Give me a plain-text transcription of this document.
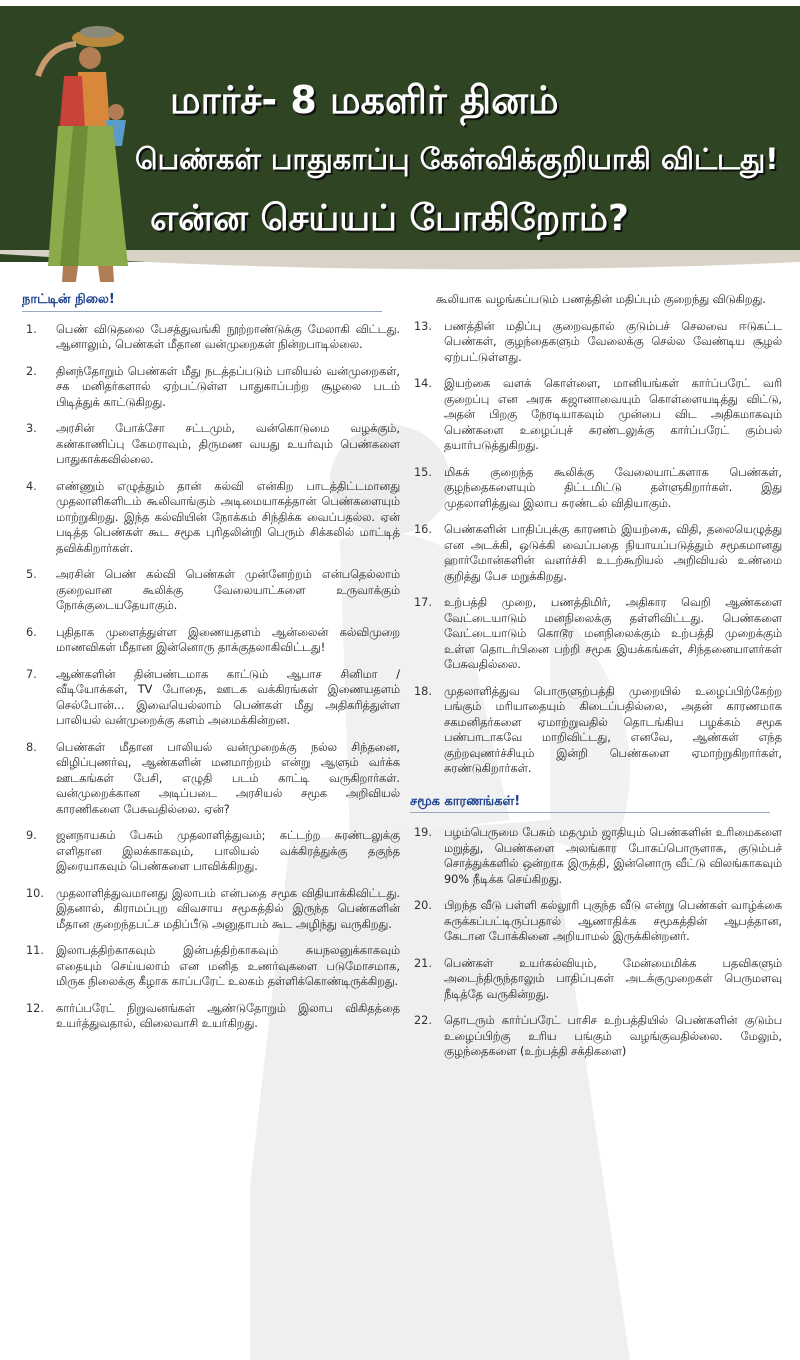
மார்ச்- 8 மகளிர் தினம்
பெண்கள் பாதுகாப்பு கேள்விக்குறியாகி விட்டது!
என்ன செய்யப் போகிறோம்?
நாட்டின் நிலை!
1.	பெண் விடுதலை பேசத்துவங்கி நூற்றாண்டுக்கு மேலாகி விட்டது. ஆனாலும், பெண்கள் மீதான வன்முறைகள் நின்றபாடில்லை.
2.	தினந்தோறும் பெண்கள் மீது நடத்தப்படும் பாலியல் வன்முறைகள், சக மனிதர்களால் ஏற்பட்டுள்ள பாதுகாப்பற்ற சூழலை படம் பிடித்துக் காட்டுகிறது.
3.	அரசின் போக்சோ சட்டமும், வன்கொடுமை வழக்கும், கண்காணிப்பு கேமராவும், திருமண வயது உயர்வும் பெண்களை பாதுகாக்கவில்லை.
4.	எண்ணும் எழுத்தும் தான் கல்வி என்கிற பாடத்திட்டமானது முதலாளிகளிடம் கூலிவாங்கும் அடிமையாகத்தான் பெண்களையும் மாற்றுகிறது. இந்த கல்வியின் நோக்கம் சிந்திக்க வைப்பதல்ல. ஏன் படித்த பெண்கள் கூட சமூக புரிதலின்றி பெரும் சிக்கலில் மாட்டித் தவிக்கிறார்கள்.
5.	அரசின் பெண் கல்வி பெண்கள் முன்னேற்றம் என்பதெல்லாம் குறைவான கூலிக்கு வேலையாட்களை உருவாக்கும் நோக்குடையதேயாகும்.
6.	புதிதாக முளைத்துள்ள இணையதளம் ஆன்லைன் கல்விமுறை மாணவிகள் மீதான இன்னொரு தாக்குதலாகிவிட்டது!
7.	ஆண்களின் தின்பண்டமாக காட்டும் ஆபாச சினிமா / வீடியோக்கள், TV போதை, ஊடக வக்கிரங்கள் இணையதளம் செல்போன்... இவையெல்லாம் பெண்கள் மீது அதிகரித்துள்ள பாலியல் வன்முறைக்கு களம் அமைக்கின்றன.
8.	பெண்கள் மீதான பாலியல் வன்முறைக்கு நல்ல சிந்தனை, விழிப்புணர்வு, ஆண்களின் மனமாற்றம் என்று ஆளும் வர்க்க ஊடகங்கள் பேசி, எழுதி படம் காட்டி வருகிறார்கள். வன்முறைக்கான அடிப்படை அரசியல் சமூக அறிவியல் காரணிகளை பேசுவதில்லை. ஏன்?
9.	ஜனநாயகம் பேசும் முதலாளித்துவம்; கட்டற்ற சுரண்டலுக்கு எளிதான இலக்காகவும், பாலியல் வக்கிரத்துக்கு தகுந்த இரையாகவும் பெண்களை பாவிக்கிறது.
10.	முதலாளித்துவமானது இலாபம் என்பதை சமூக விதியாக்கிவிட்டது. இதனால், கிராமப்புற விவசாய சமூகத்தில் இருந்த பெண்களின் மீதான குறைந்தபட்ச மதிப்பீடு அனுதாபம் கூட அழிந்து வருகிறது.
11.	இலாபத்திற்காகவும் இன்பத்திற்காகவும் சுயநலனுக்காகவும் எதையும் செய்யலாம் என மனித உணர்வுகளை படுமோசமாக, மிருக நிலைக்கு கீழாக காப்பரேட் உலகம் தள்ளிக்கொண்டிருக்கிறது.
12.	கார்ப்பரேட் நிறுவனங்கள் ஆண்டுதோறும் இலாப விகிதத்தை உயர்த்துவதால், விலைவாசி உயர்கிறது.
கூலியாக வழங்கப்படும் பணத்தின் மதிப்பும் குறைந்து விடுகிறது.
13.	பணத்தின் மதிப்பு குறைவதால் குடும்பச் செலவை ஈடுகட்ட பெண்கள், குழந்தைகளும் வேலைக்கு செல்ல வேண்டிய சூழல் ஏற்பட்டுள்ளது.
14.	இயற்கை வளக் கொள்ளை, மானியங்கள் கார்ப்பரேட் வரி குறைப்பு என அரசு கஜானாவையும் கொள்ளையடித்து விட்டு, அதன் பிறகு நேரடியாகவும் முன்பை விட அதிகமாகவும் பெண்களை உழைப்புச் சுரண்டலுக்கு கார்ப்பரேட் கும்பல் தயார்படுத்துகிறது.
15.	மிகக் குறைந்த கூலிக்கு வேலையாட்களாக பெண்கள், குழந்தைகளையும் திட்டமிட்டு தள்ளுகிறார்கள். இது முதலாளித்துவ இலாப சுரண்டல் விதியாகும்.
16.	பெண்களின் பாதிப்புக்கு காரணம் இயற்கை, விதி, தலையெழுத்து என அடக்கி, ஒடுக்கி வைப்பதை நியாயப்படுத்தும் சமூகமானது ஹார்மோன்களின் வளர்ச்சி உடற்கூறியல் அறிவியல் உண்மை குறித்து பேச மறுக்கிறது.
17.	உற்பத்தி முறை, பணத்திமிர், அதிகார வெறி ஆண்களை வேட்டையாடும் மனநிலைக்கு தள்ளிவிட்டது. பெண்களை வேட்டையாடும் கொடூர மனநிலைக்கும் உற்பத்தி முறைக்கும் உள்ள தொடர்பினை பற்றி சமூக இயக்கங்கள், சிந்தனையாளர்கள் பேசுவதில்லை.
18.	முதலாளித்துவ பொருளுற்பத்தி முறையில் உழைப்பிற்கேற்ற பங்கும் மரியாதையும் கிடைப்பதில்லை, அதன் காரணமாக சகமனிதர்களை ஏமாற்றுவதில் தொடங்கிய பழக்கம் சமூக பண்பாடாகவே மாறிவிட்டது, எனவே, ஆண்கள் எந்த குற்றவுணர்ச்சியும் இன்றி பெண்களை ஏமாற்றுகிறார்கள், சுரண்டுகிறார்கள்.
சமூக காரணங்கள்!
19.	பழம்பெருமை பேசும் மதமும் ஜாதியும் பெண்களின் உரிமைகளை மறுத்து, பெண்களை அலங்கார போகப்பொருளாக, குடும்பச் சொத்துக்களில் ஒன்றாக இருத்தி, இன்னொரு வீட்டு விலங்காகவும் 90% நீடிக்க செய்கிறது.
20.	பிறந்த வீடு பள்ளி கல்லூரி புகுந்த வீடு என்று பெண்கள் வாழ்க்கை சுருக்கப்பட்டிருப்பதால் ஆணாதிக்க சமூகத்தின் ஆபத்தான, கேடான போக்கினை அறியாமல் இருக்கின்றனர்.
21.	பெண்கள் உயர்கல்வியும், மேன்மைமிக்க பதவிகளும் அடைந்திருந்தாலும் பாதிப்புகள் அடக்குமுறைகள் பெருமளவு நீடித்தே வருகின்றது.
22.	தொடரும் கார்ப்பரேட் பாசிச உற்பத்தியில் பெண்களின் குடும்ப உழைப்பிற்கு உரிய பங்கும் வழங்குவதில்லை. மேலும், குழந்தைகளை (உற்பத்தி சக்திகளை)
